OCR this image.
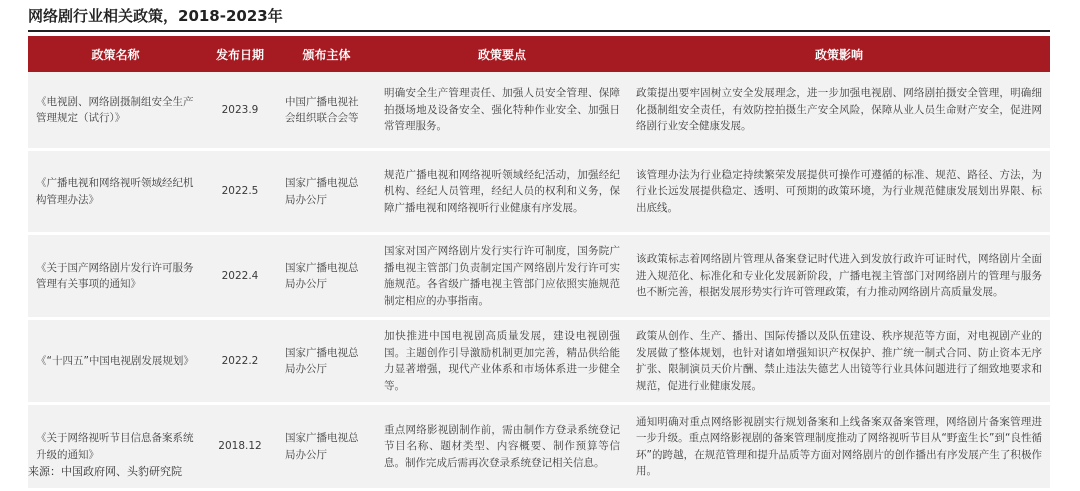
网络剧行业相关政策，2018-2023年
政策名称	发布日期	颁布主体	政策要点	政策影响
《电视剧、网络剧摄制组安全生产管理规定（试行）》	2023.9	中国广播电视社会组织联合会等	明确安全生产管理责任、加强人员安全管理、保障拍摄场地及设备安全、强化特种作业安全、加强日常管理服务。	政策提出要牢固树立安全发展理念，进一步加强电视剧、网络剧拍摄安全管理，明确细化摄制组安全责任，有效防控拍摄生产安全风险，保障从业人员生命财产安全，促进网络剧行业安全健康发展。
《广播电视和网络视听领域经纪机构管理办法》	2022.5	国家广播电视总局办公厅	规范广播电视和网络视听领域经纪活动，加强经纪机构、经纪人员管理，经纪人员的权利和义务，保障广播电视和网络视听行业健康有序发展。	该管理办法为行业稳定持续繁荣发展提供可操作可遵循的标准、规范、路径、方法，为行业长远发展提供稳定、透明、可预期的政策环境，为行业规范健康发展划出界限、标出底线。
《关于国产网络剧片发行许可服务管理有关事项的通知》	2022.4	国家广播电视总局办公厅	国家对国产网络剧片发行实行许可制度，国务院广播电视主管部门负责制定国产网络剧片发行许可实施规范。各省级广播电视主管部门应依照实施规范制定相应的办事指南。	该政策标志着网络剧片管理从备案登记时代进入到发放行政许可证时代，网络剧片全面进入规范化、标准化和专业化发展新阶段，广播电视主管部门对网络剧片的管理与服务也不断完善，根据发展形势实行许可管理政策，有力推动网络剧片高质量发展。
《“十四五”中国电视剧发展规划》	2022.2	国家广播电视总局办公厅	加快推进中国电视剧高质量发展，建设电视剧强国。主题创作引导激励机制更加完善，精品供给能力显著增强，现代产业体系和市场体系进一步健全等。	政策从创作、生产、播出、国际传播以及队伍建设、秩序规范等方面，对电视剧产业的发展做了整体规划，也针对诸如增强知识产权保护、推广统一制式合同、防止资本无序扩张、限制演员天价片酬、禁止违法失德艺人出镜等行业具体问题进行了细致地要求和规范，促进行业健康发展。
《关于网络视听节目信息备案系统升级的通知》	2018.12	国家广播电视总局办公厅	重点网络影视剧制作前，需由制作方登录系统登记节目名称、题材类型、内容概要、制作预算等信息。制作完成后需再次登录系统登记相关信息。	通知明确对重点网络影视剧实行规划备案和上线备案双备案管理，网络剧片备案管理进一步升级。重点网络影视剧的备案管理制度推动了网络视听节目从“野蛮生长”到“良性循环”的跨越，在规范管理和提升品质等方面对网络剧片的创作播出有序发展产生了积极作用。
来源：中国政府网、头豹研究院
